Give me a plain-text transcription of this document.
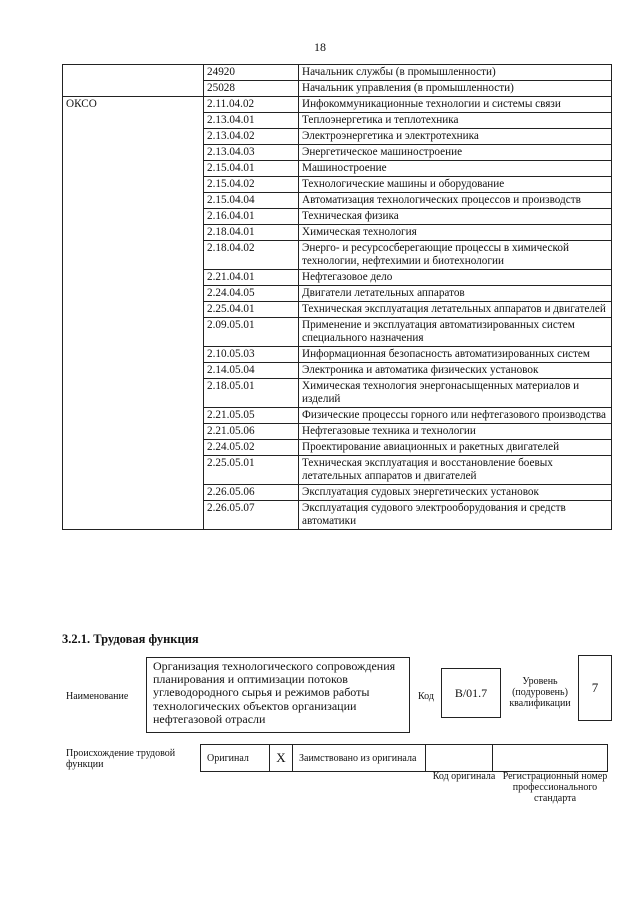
18
	24920	Начальник службы (в промышленности)
	25028	Начальник управления (в промышленности)
ОКСО	2.11.04.02	Инфокоммуникационные технологии и системы связи
	2.13.04.01	Теплоэнергетика и теплотехника
	2.13.04.02	Электроэнергетика и электротехника
	2.13.04.03	Энергетическое машиностроение
	2.15.04.01	Машиностроение
	2.15.04.02	Технологические машины и оборудование
	2.15.04.04	Автоматизация технологических процессов и производств
	2.16.04.01	Техническая физика
	2.18.04.01	Химическая технология
	2.18.04.02	Энерго- и ресурсосберегающие процессы в химической технологии, нефтехимии и биотехнологии
	2.21.04.01	Нефтегазовое дело
	2.24.04.05	Двигатели летательных аппаратов
	2.25.04.01	Техническая эксплуатация летательных аппаратов и двигателей
	2.09.05.01	Применение и эксплуатация автоматизированных систем специального назначения
	2.10.05.03	Информационная безопасность автоматизированных систем
	2.14.05.04	Электроника и автоматика физических установок
	2.18.05.01	Химическая технология энергонасыщенных материалов и изделий
	2.21.05.05	Физические процессы горного или нефтегазового производства
	2.21.05.06	Нефтегазовые техника и технологии
	2.24.05.02	Проектирование авиационных и ракетных двигателей
	2.25.05.01	Техническая эксплуатация и восстановление боевых летательных аппаратов и двигателей
	2.26.05.06	Эксплуатация судовых энергетических установок
	2.26.05.07	Эксплуатация судового электрооборудования и средств автоматики
3.2.1. Трудовая функция
Наименование
Организация технологического сопровождения планирования и оптимизации потоков углеводородного сырья и режимов работы технологических объектов организации нефтегазовой отрасли
Код B/01.7
Уровень (подуровень) квалификации
7
Происхождение трудовой функции
Оригинал	X	Заимствовано из оригинала		
Код оригинала Регистрационный номер профессионального стандарта
